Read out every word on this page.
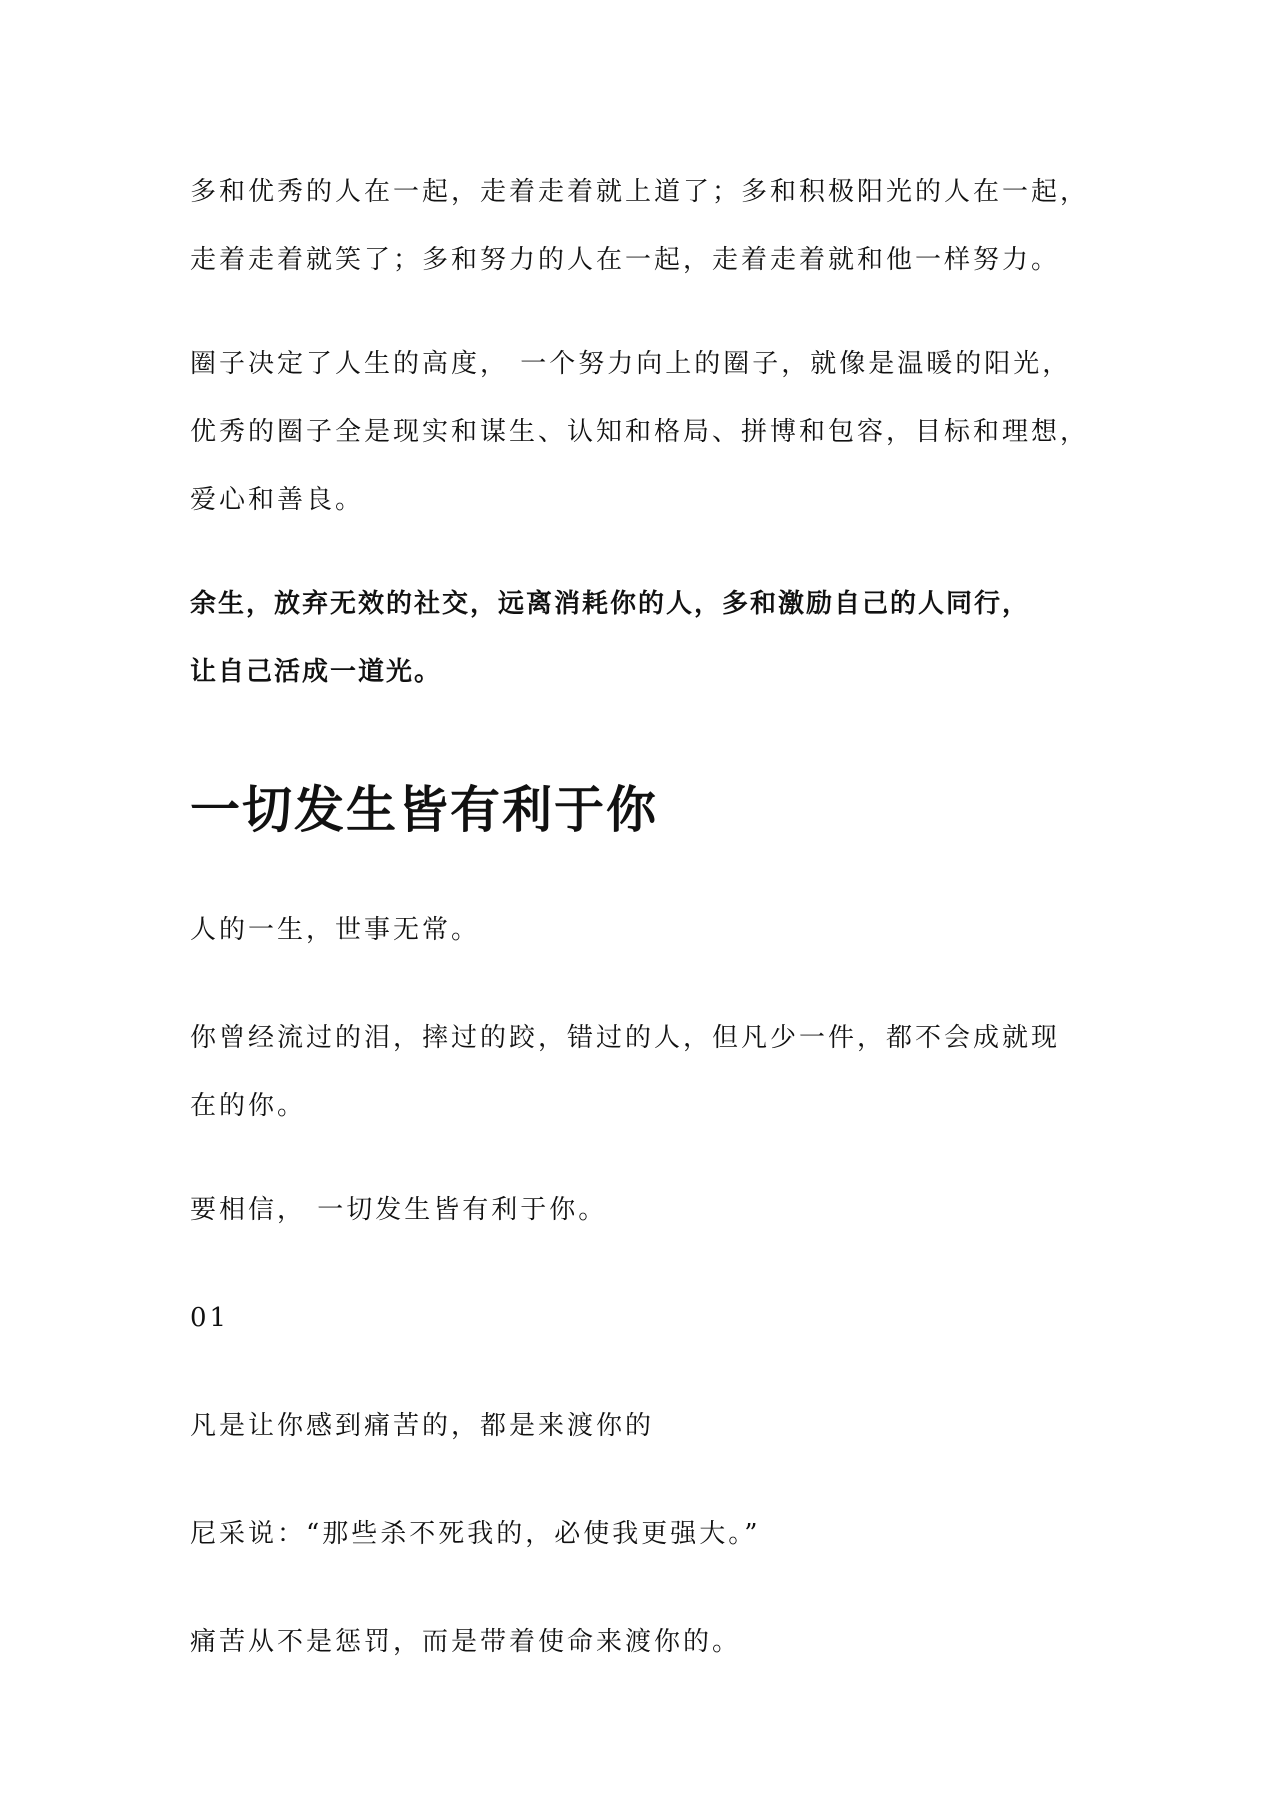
多和优秀的人在一起，走着走着就上道了；多和积极阳光的人在一起，
走着走着就笑了；多和努力的人在一起，走着走着就和他一样努力。

圈子决定了人生的高度， 一个努力向上的圈子，就像是温暖的阳光，
优秀的圈子全是现实和谋生、认知和格局、拼博和包容，目标和理想，
爱心和善良。

余生，放弃无效的社交，远离消耗你的人，多和激励自己的人同行，
让自己活成一道光。

一切发生皆有利于你

人的一生，世事无常。

你曾经流过的泪，摔过的跤，错过的人，但凡少一件，都不会成就现
在的你。

要相信， 一切发生皆有利于你。

01

凡是让你感到痛苦的，都是来渡你的

尼采说：“那些杀不死我的，必使我更强大。”

痛苦从不是惩罚，而是带着使命来渡你的。
